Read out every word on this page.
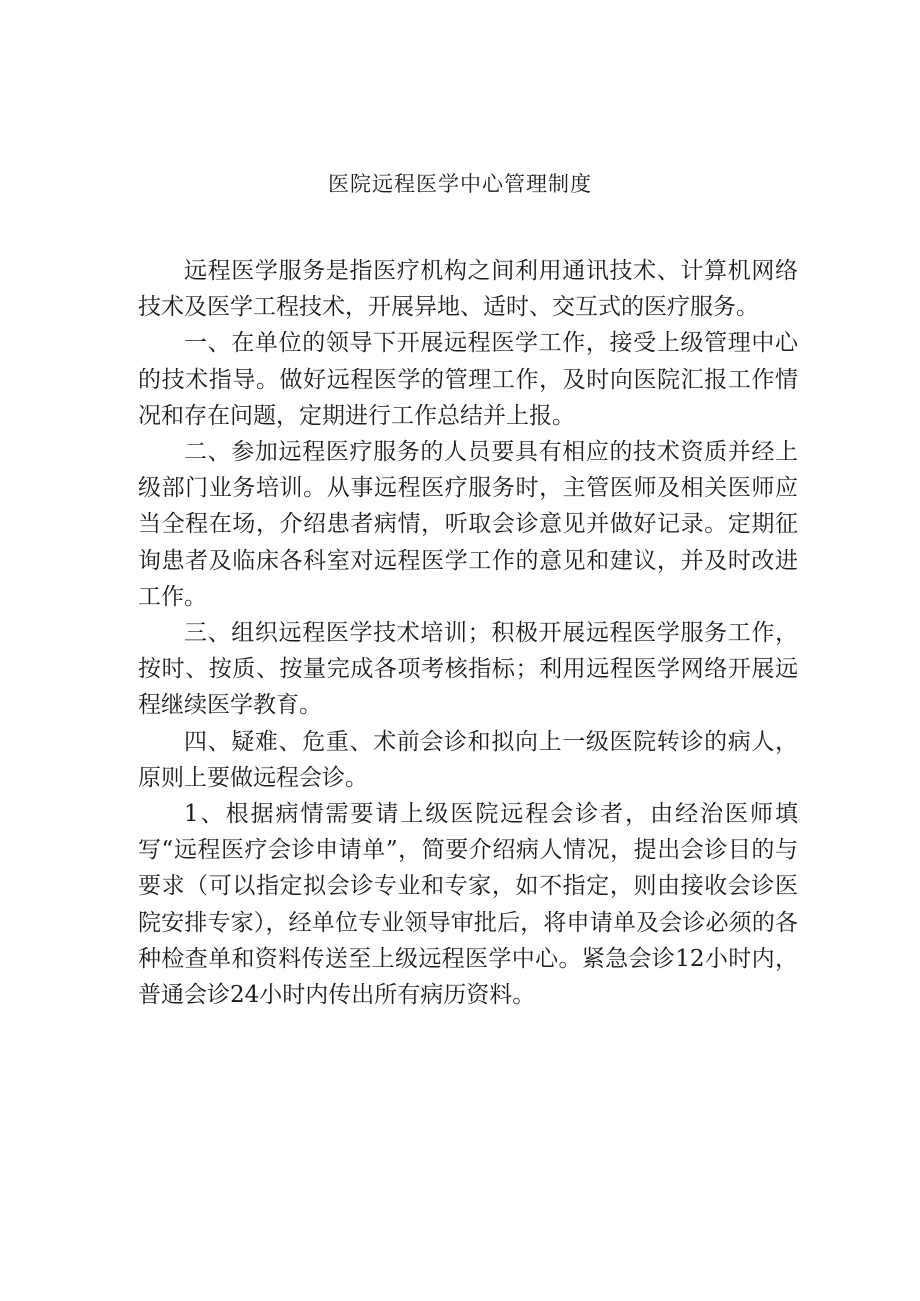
医院远程医学中心管理制度

远程医学服务是指医疗机构之间利用通讯技术、计算机网络技术及医学工程技术，开展异地、适时、交互式的医疗服务。

一、在单位的领导下开展远程医学工作，接受上级管理中心的技术指导。做好远程医学的管理工作，及时向医院汇报工作情况和存在问题，定期进行工作总结并上报。

二、参加远程医疗服务的人员要具有相应的技术资质并经上级部门业务培训。从事远程医疗服务时，主管医师及相关医师应当全程在场，介绍患者病情，听取会诊意见并做好记录。定期征询患者及临床各科室对远程医学工作的意见和建议，并及时改进工作。

三、组织远程医学技术培训；积极开展远程医学服务工作，按时、按质、按量完成各项考核指标；利用远程医学网络开展远程继续医学教育。

四、疑难、危重、术前会诊和拟向上一级医院转诊的病人，原则上要做远程会诊。

1、根据病情需要请上级医院远程会诊者，由经治医师填写“远程医疗会诊申请单”，简要介绍病人情况，提出会诊目的与要求（可以指定拟会诊专业和专家，如不指定，则由接收会诊医院安排专家），经单位专业领导审批后，将申请单及会诊必须的各种检查单和资料传送至上级远程医学中心。紧急会诊12小时内，普通会诊24小时内传出所有病历资料。
